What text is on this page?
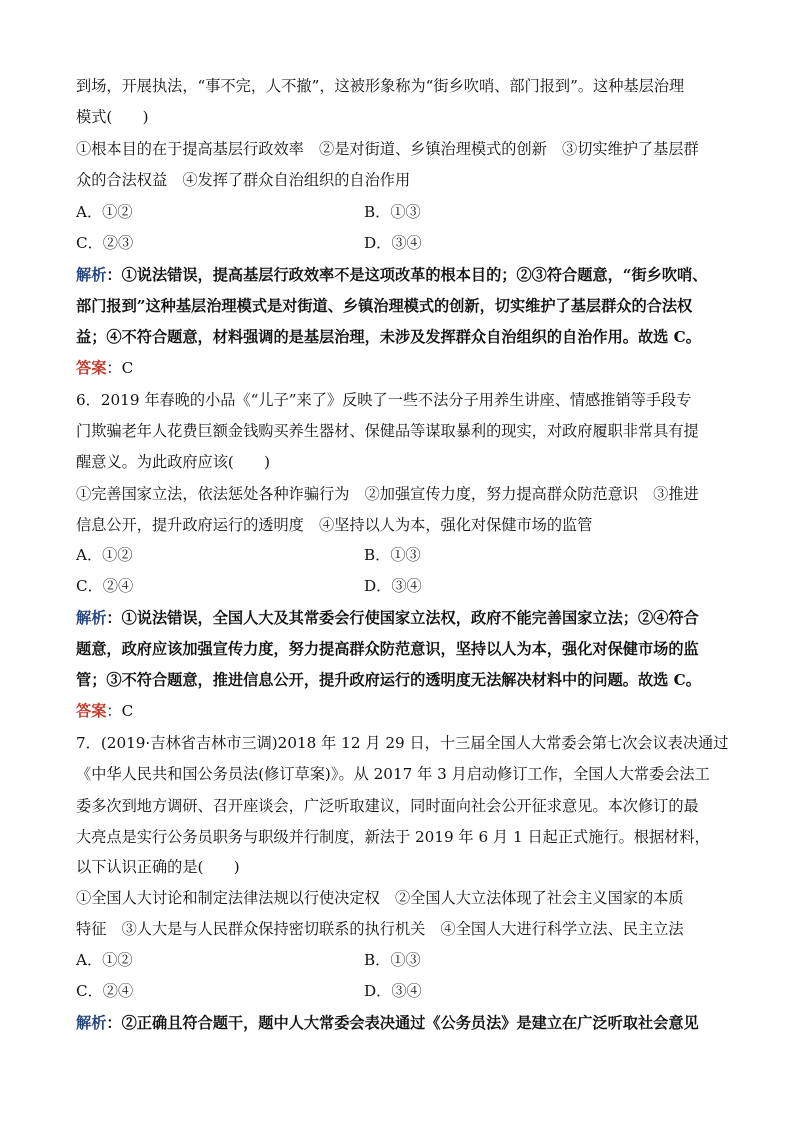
到场，开展执法，“事不完，人不撤”，这被形象称为“街乡吹哨、部门报到”。这种基层治理
模式(　　)
①根本目的在于提高基层行政效率　②是对街道、乡镇治理模式的创新　③切实维护了基层群
众的合法权益　④发挥了群众自治组织的自治作用
A．①②	B．①③
C．②③	D．③④
解析：①说法错误，提高基层行政效率不是这项改革的根本目的；②③符合题意，“街乡吹哨、
部门报到”这种基层治理模式是对街道、乡镇治理模式的创新，切实维护了基层群众的合法权
益；④不符合题意，材料强调的是基层治理，未涉及发挥群众自治组织的自治作用。故选 C。
答案：C
6．2019 年春晚的小品《“儿子”来了》反映了一些不法分子用养生讲座、情感推销等手段专
门欺骗老年人花费巨额金钱购买养生器材、保健品等谋取暴利的现实，对政府履职非常具有提
醒意义。为此政府应该(　　)
①完善国家立法，依法惩处各种诈骗行为　②加强宣传力度，努力提高群众防范意识　③推进
信息公开，提升政府运行的透明度　④坚持以人为本，强化对保健市场的监管
A．①②	B．①③
C．②④	D．③④
解析：①说法错误，全国人大及其常委会行使国家立法权，政府不能完善国家立法；②④符合
题意，政府应该加强宣传力度，努力提高群众防范意识，坚持以人为本，强化对保健市场的监
管；③不符合题意，推进信息公开，提升政府运行的透明度无法解决材料中的问题。故选 C。
答案：C
7．(2019·吉林省吉林市三调)2018 年 12 月 29 日，十三届全国人大常委会第七次会议表决通过
《中华人民共和国公务员法(修订草案)》。从 2017 年 3 月启动修订工作，全国人大常委会法工
委多次到地方调研、召开座谈会，广泛听取建议，同时面向社会公开征求意见。本次修订的最
大亮点是实行公务员职务与职级并行制度，新法于 2019 年 6 月 1 日起正式施行。根据材料，
以下认识正确的是(　　)
①全国人大讨论和制定法律法规以行使决定权　②全国人大立法体现了社会主义国家的本质
特征　③人大是与人民群众保持密切联系的执行机关　④全国人大进行科学立法、民主立法
A．①②	B．①③
C．②④	D．③④
解析：②正确且符合题干，题中人大常委会表决通过《公务员法》是建立在广泛听取社会意见
